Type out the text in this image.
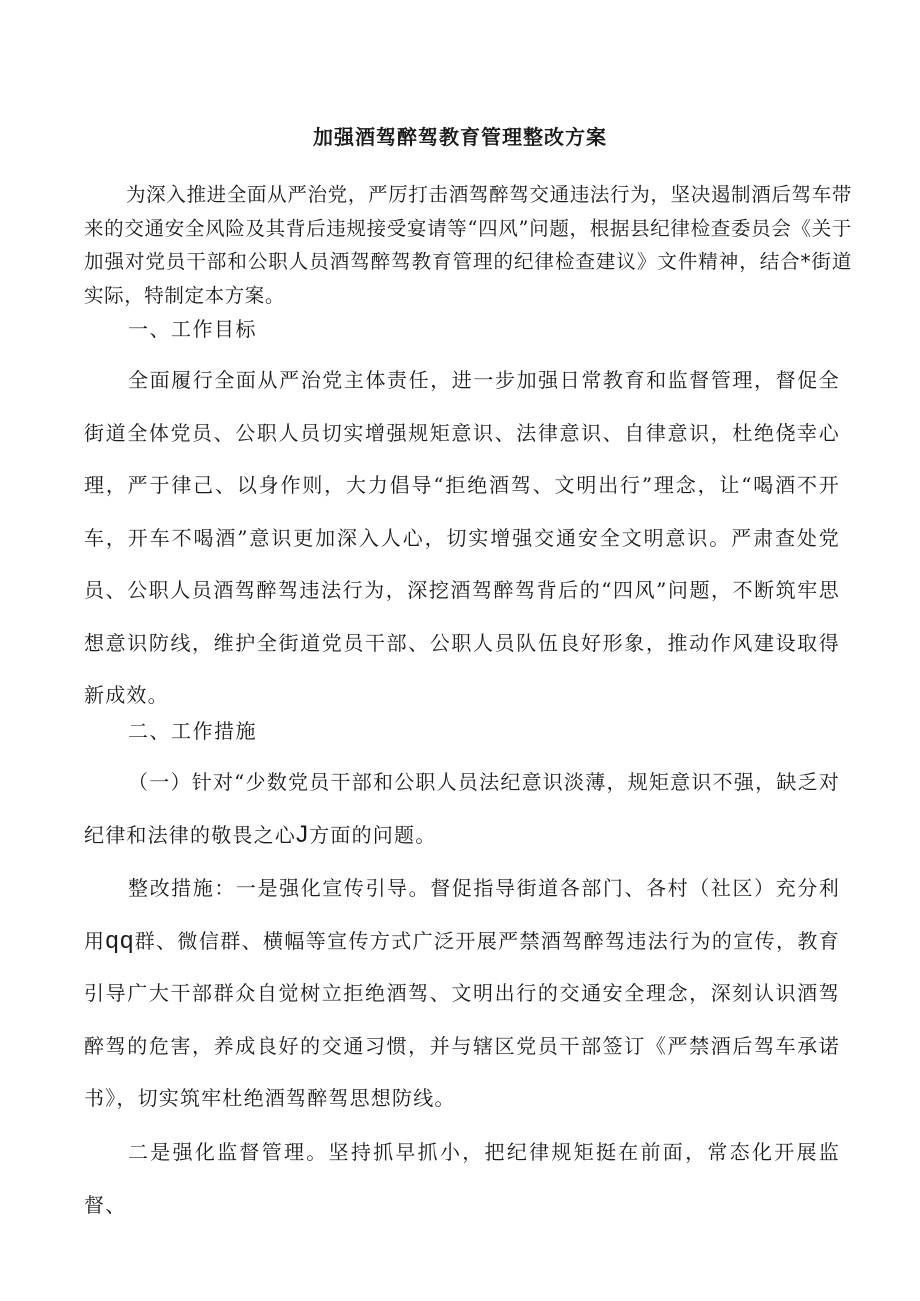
加强酒驾醉驾教育管理整改方案
为深入推进全面从严治党，严厉打击酒驾醉驾交通违法行为，坚决遏制酒后驾车带来的交通安全风险及其背后违规接受宴请等“四风”问题，根据县纪律检查委员会《关于加强对党员干部和公职人员酒驾醉驾教育管理的纪律检查建议》文件精神，结合*街道实际，特制定本方案。
一、工作目标
全面履行全面从严治党主体责任，进一步加强日常教育和监督管理，督促全街道全体党员、公职人员切实增强规矩意识、法律意识、自律意识，杜绝侥幸心理，严于律己、以身作则，大力倡导“拒绝酒驾、文明出行”理念，让“喝酒不开车，开车不喝酒”意识更加深入人心，切实增强交通安全文明意识。严肃查处党员、公职人员酒驾醉驾违法行为，深挖酒驾醉驾背后的“四风”问题，不断筑牢思想意识防线，维护全街道党员干部、公职人员队伍良好形象，推动作风建设取得新成效。
二、工作措施
（一）针对“少数党员干部和公职人员法纪意识淡薄，规矩意识不强，缺乏对纪律和法律的敬畏之心J方面的问题。
整改措施：一是强化宣传引导。督促指导街道各部门、各村（社区）充分利用qq群、微信群、横幅等宣传方式广泛开展严禁酒驾醉驾违法行为的宣传，教育引导广大干部群众自觉树立拒绝酒驾、文明出行的交通安全理念，深刻认识酒驾醉驾的危害，养成良好的交通习惯，并与辖区党员干部签订《严禁酒后驾车承诺书》，切实筑牢杜绝酒驾醉驾思想防线。
二是强化监督管理。坚持抓早抓小，把纪律规矩挺在前面，常态化开展监督、
